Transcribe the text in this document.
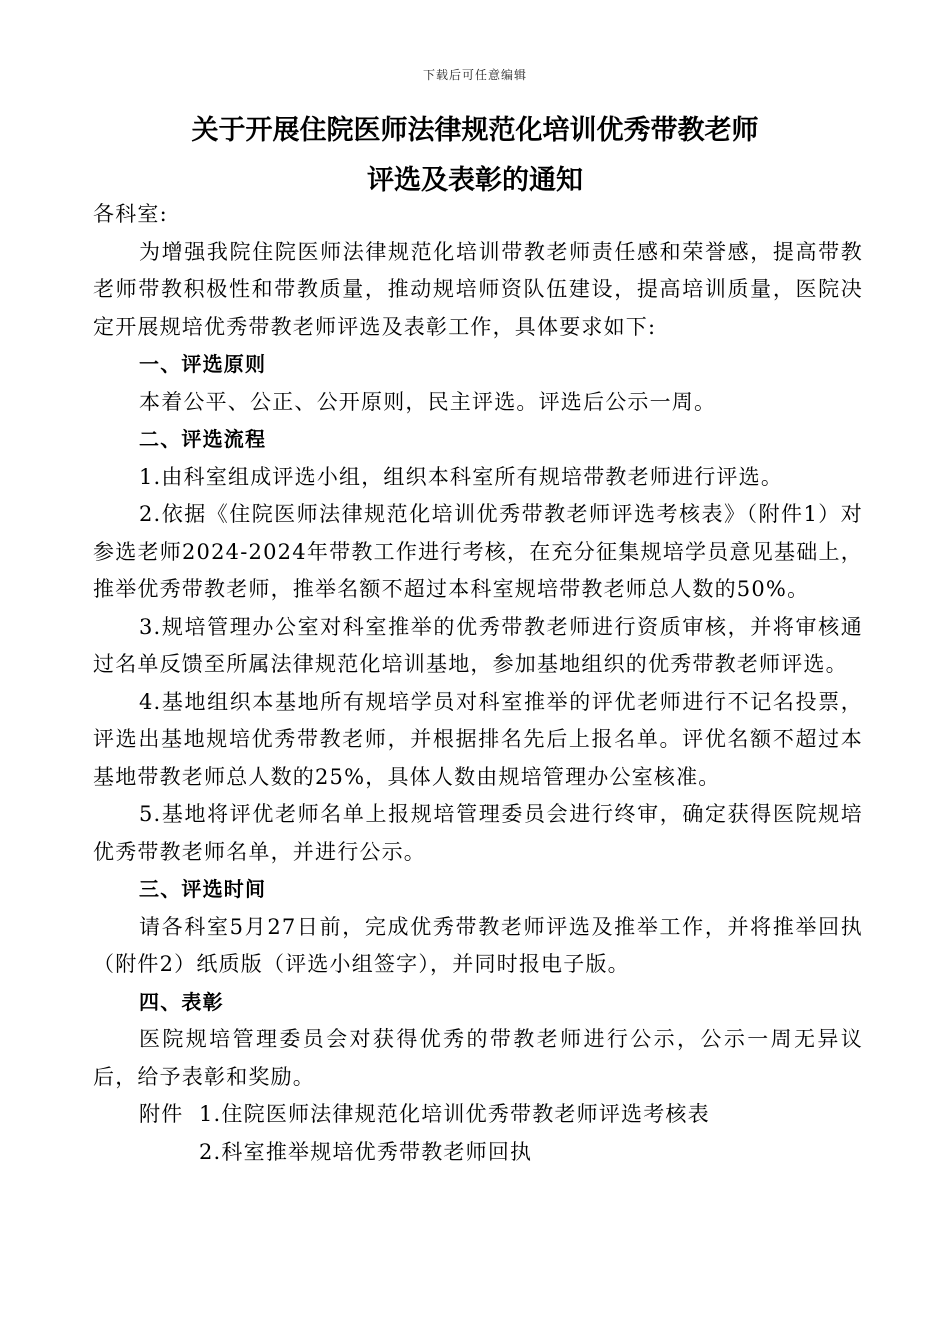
下载后可任意编辑
关于开展住院医师法律规范化培训优秀带教老师
评选及表彰的通知

各科室:

为增强我院住院医师法律规范化培训带教老师责任感和荣誉感，提高带教老师带教积极性和带教质量，推动规培师资队伍建设，提高培训质量，医院决定开展规培优秀带教老师评选及表彰工作，具体要求如下:

一、评选原则

本着公平、公正、公开原则，民主评选。评选后公示一周。

二、评选流程

1.由科室组成评选小组，组织本科室所有规培带教老师进行评选。

2.依据《住院医师法律规范化培训优秀带教老师评选考核表》（附件1）对参选老师2024-2024年带教工作进行考核，在充分征集规培学员意见基础上，推举优秀带教老师，推举名额不超过本科室规培带教老师总人数的50%。

3.规培管理办公室对科室推举的优秀带教老师进行资质审核，并将审核通过名单反馈至所属法律规范化培训基地，参加基地组织的优秀带教老师评选。

4.基地组织本基地所有规培学员对科室推举的评优老师进行不记名投票，评选出基地规培优秀带教老师，并根据排名先后上报名单。评优名额不超过本基地带教老师总人数的25%，具体人数由规培管理办公室核准。

5.基地将评优老师名单上报规培管理委员会进行终审，确定获得医院规培优秀带教老师名单，并进行公示。

三、评选时间

请各科室5月27日前，完成优秀带教老师评选及推举工作，并将推举回执（附件2）纸质版（评选小组签字），并同时报电子版。

四、表彰

医院规培管理委员会对获得优秀的带教老师进行公示，公示一周无异议后，给予表彰和奖励。

附件 1.住院医师法律规范化培训优秀带教老师评选考核表

2.科室推举规培优秀带教老师回执
